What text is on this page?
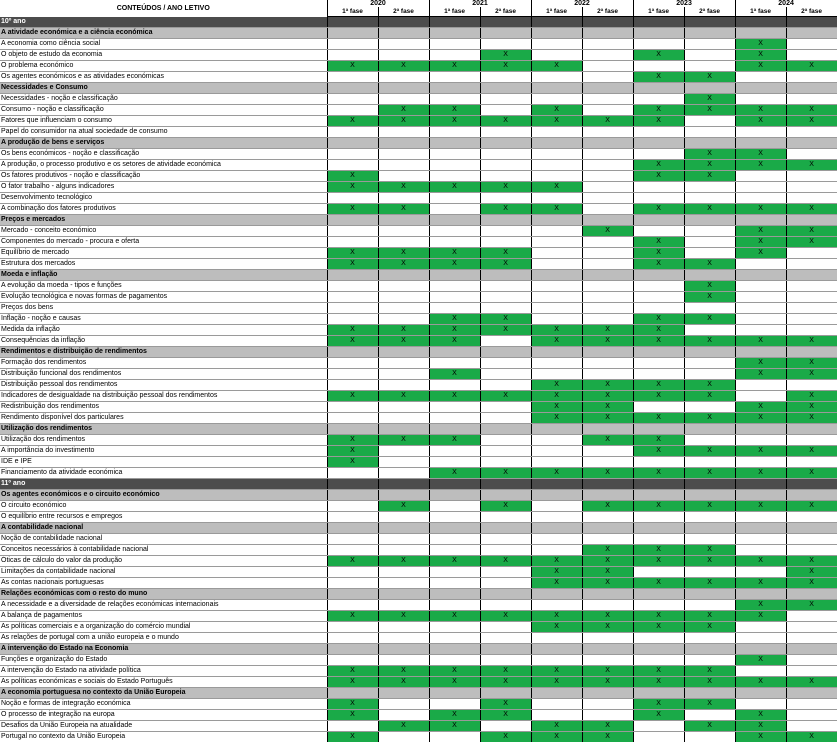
CONTEÚDOS / ANO LETIVO	2020		2021		2022		2023		2024	
	1ª fase	2ª fase	1ª fase	2ª fase	1ª fase	2ª fase	1ª fase	2ª fase	1ª fase	2ª fase
10º ano										
A atividade económica e a ciência económica										
A economia como ciência social									X	
O objeto de estudo da economia				X			X		X	
O problema económico	X	X	X	X	X				X	X
Os agentes económicos e as atividades económicas							X	X		
Necessidades e Consumo										
Necessidades - noção e classificação								X		
Consumo - noção e classificação		X	X		X		X	X	X	X
Fatores que influenciam o consumo	X	X	X	X	X	X	X		X	X
Papel do consumidor na atual sociedade de consumo										
A produção de bens e serviços										
Os bens económicos - noção e classificação								X	X	
A produção, o processo produtivo e os setores de atividade económica							X	X	X	X
Os fatores produtivos - noção e classificação	X						X	X		
O fator trabalho - alguns indicadores	X	X	X	X	X					
Desenvolvimento tecnológico										
A combinação dos fatores produtivos	X	X		X	X		X	X	X	X
Preços e mercados										
Mercado - conceito económico						X			X	X
Componentes do mercado - procura e oferta							X		X	X
Equilíbrio de mercado	X	X	X	X			X		X	
Estrutura dos mercados	X	X	X	X			X	X		
Moeda e inflação										
A evolução da moeda - tipos e funções								X		
Evolução tecnológica e novas formas de pagamentos								X		
Preços dos bens										
Inflação - noção e causas			X	X			X	X		
Medida da inflação	X	X	X	X	X	X	X			
Consequências da inflação	X	X	X		X	X	X	X	X	X
Rendimentos e distribuição de rendimentos										
Formação dos rendimentos									X	X
Distribuição funcional dos rendimentos			X						X	X
Distribuição pessoal dos rendimentos					X	X	X	X		
Indicadores de desigualdade na distribuição pessoal dos rendimentos	X	X	X	X	X	X	X	X		X
Redistribuição dos rendimentos					X	X			X	X
Rendimento disponível dos particulares					X	X	X	X	X	X
Utilização dos rendimentos										
Utilização dos rendimentos	X	X	X			X	X			
A importância do investimento	X						X	X	X	X
IDE e IPE	X									
Financiamento da atividade económica			X	X	X	X	X	X	X	X
11º ano										
Os agentes económicos e o circuito económico										
O circuito económico		X		X		X	X	X	X	X
O equilíbrio entre recursos e empregos										
A contabilidade nacional										
Noção de contabilidade nacional										
Conceitos necessários à contabilidade nacional						X	X	X		
Óticas de cálculo do valor da produção	X	X	X	X	X	X	X	X	X	X
Limitações da contabilidade nacional					X	X				X
As contas nacionais portuguesas					X	X	X	X	X	X
Relações económicas com o resto do muno										
A necessidade e a diversidade de relações económicas internacionais									X	X
A balança de pagamentos	X	X	X	X	X	X	X	X	X	
As políticas comerciais e a organização do comércio mundial					X	X	X	X		
As relações de portugal com a união europeia e o mundo										
A intervenção do Estado na Economia										
Funções e organização do Estado									X	
A intervenção do Estado na atividade política	X	X	X	X	X	X	X	X		
As políticas económicas e sociais do Estado Português	X	X	X	X	X	X	X	X	X	X
A economia portuguesa no contexto da União Europeia										
Noção e formas de integração económica	X			X			X	X		
O processo de integração na europa	X		X	X			X		X	
Desafios da União Europeia na atualidade		X	X		X	X		X	X	
Portugal no contexto da União Europeia	X			X	X	X			X	X
